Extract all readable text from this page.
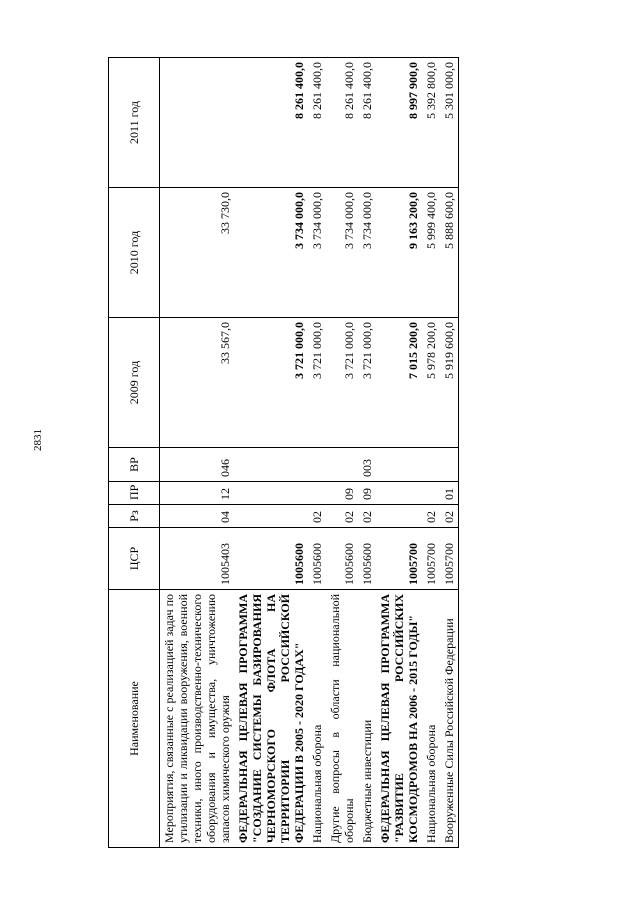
2831
Наименование	ЦСР	Рз	ПР	ВР	2009 год	2010 год	2011 год
Мероприятия, связанные с реализацией задач по утилизации и ликвидации вооружения, военной техники, иного производственно-технического оборудования и имущества, уничтожению запасов химического оружия	1005403	04	12	046	33 567,0	33 730,0	
ФЕДЕРАЛЬНАЯ ЦЕЛЕВАЯ ПРОГРАММА "СОЗДАНИЕ СИСТЕМЫ БАЗИРОВАНИЯ ЧЕРНОМОРСКОГО ФЛОТА НА ТЕРРИТОРИИ РОССИЙСКОЙ ФЕДЕРАЦИИ В 2005 - 2020 ГОДАХ"	1005600				3 721 000,0	3 734 000,0	8 261 400,0
Национальная оборона	1005600	02			3 721 000,0	3 734 000,0	8 261 400,0
Другие вопросы в области национальной обороны	1005600	02	09		3 721 000,0	3 734 000,0	8 261 400,0
Бюджетные инвестиции	1005600	02	09	003	3 721 000,0	3 734 000,0	8 261 400,0
ФЕДЕРАЛЬНАЯ ЦЕЛЕВАЯ ПРОГРАММА "РАЗВИТИЕ РОССИЙСКИХ КОСМОДРОМОВ НА 2006 - 2015 ГОДЫ"	1005700				7 015 200,0	9 163 200,0	8 997 900,0
Национальная оборона	1005700	02			5 978 200,0	5 999 400,0	5 392 800,0
Вооруженные Силы Российской Федерации	1005700	02	01		5 919 600,0	5 888 600,0	5 301 000,0
